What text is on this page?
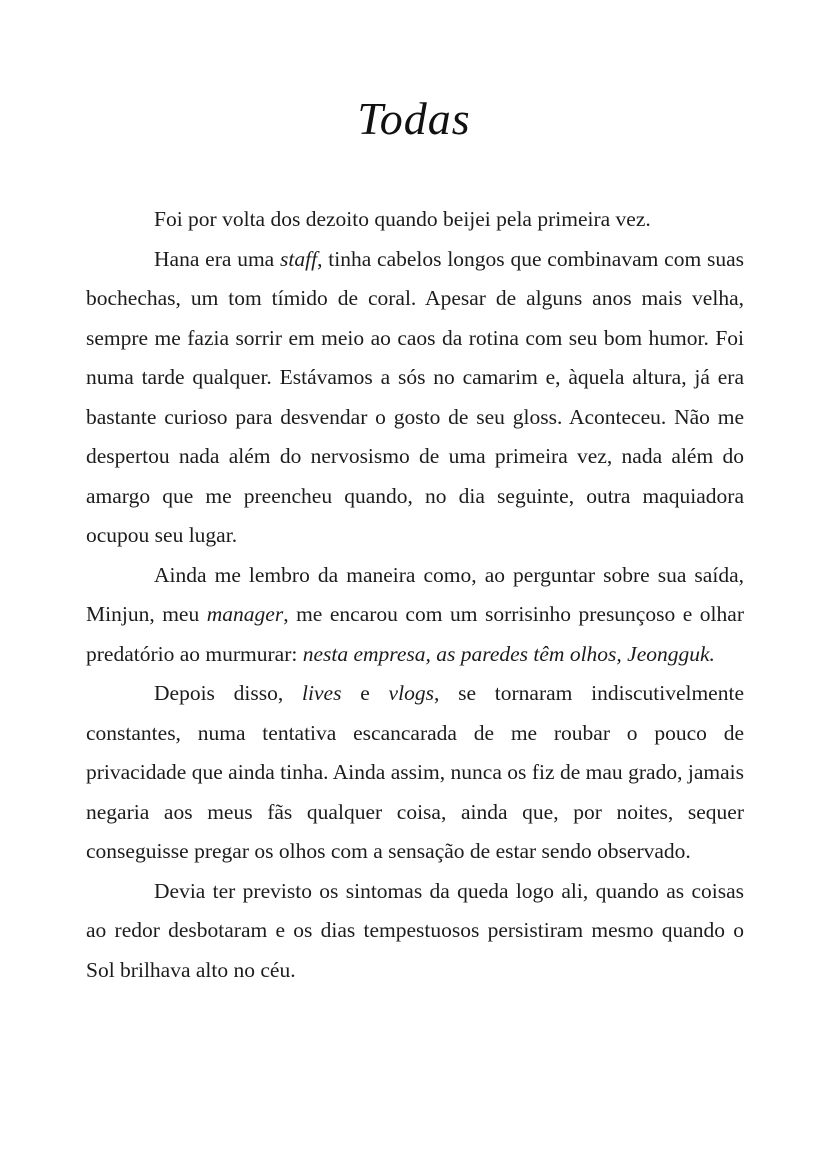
Todas

Foi por volta dos dezoito quando beijei pela primeira vez.

Hana era uma staff, tinha cabelos longos que combinavam com suas bochechas, um tom tímido de coral. Apesar de alguns anos mais velha, sempre me fazia sorrir em meio ao caos da rotina com seu bom humor. Foi numa tarde qualquer. Estávamos a sós no camarim e, àquela altura, já era bastante curioso para desvendar o gosto de seu gloss. Aconteceu. Não me despertou nada além do nervosismo de uma primeira vez, nada além do amargo que me preencheu quando, no dia seguinte, outra maquiadora ocupou seu lugar.

Ainda me lembro da maneira como, ao perguntar sobre sua saída, Minjun, meu manager, me encarou com um sorrisinho presunçoso e olhar predatório ao murmurar: nesta empresa, as paredes têm olhos, Jeongguk.

Depois disso, lives e vlogs, se tornaram indiscutivelmente constantes, numa tentativa escancarada de me roubar o pouco de privacidade que ainda tinha. Ainda assim, nunca os fiz de mau grado, jamais negaria aos meus fãs qualquer coisa, ainda que, por noites, sequer conseguisse pregar os olhos com a sensação de estar sendo observado.

Devia ter previsto os sintomas da queda logo ali, quando as coisas ao redor desbotaram e os dias tempestuosos persistiram mesmo quando o Sol brilhava alto no céu.
